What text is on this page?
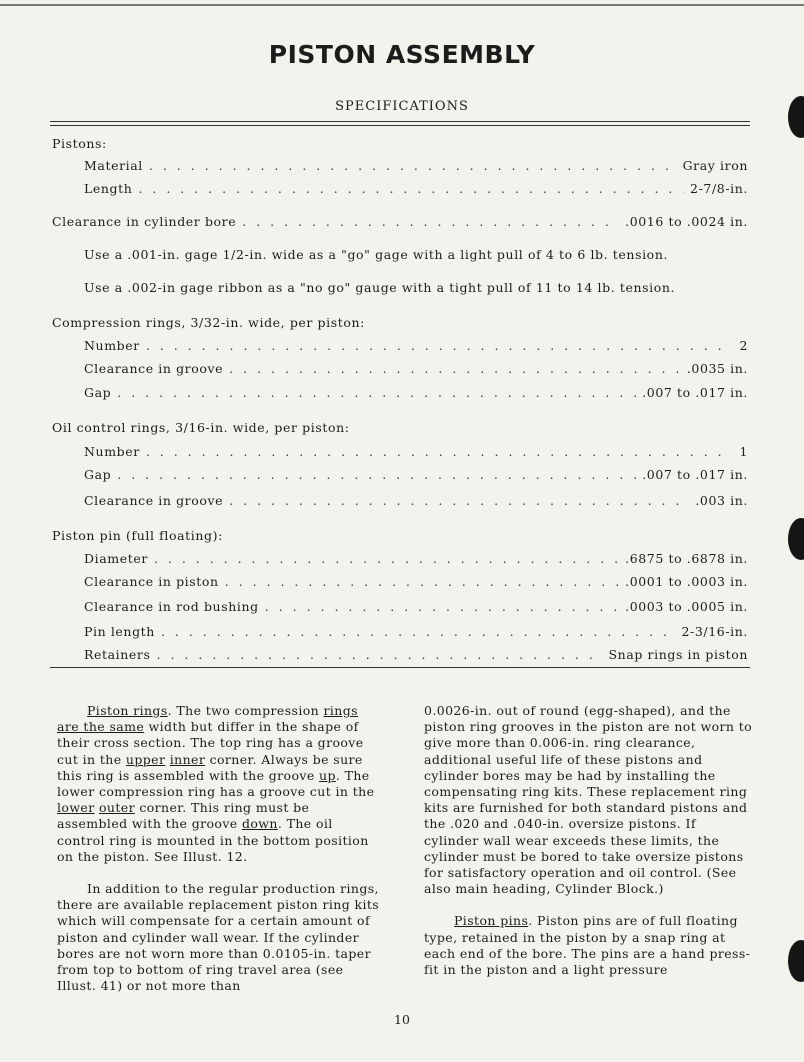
PISTON ASSEMBLY
SPECIFICATIONS
Pistons:
Material . . .	Gray iron
Length . . .	2-7/8-in.
Clearance in cylinder bore . . .	.0016 to .0024 in.
Use a .001-in. gage 1/2-in. wide as a "go" gage with a light pull of 4 to 6 lb. tension.
Use a .002-in gage ribbon as a "no go" gauge with a tight pull of 11 to 14 lb. tension.
Compression rings, 3/32-in. wide, per piston:
Number . . .	2
Clearance in groove . . .	.0035 in.
Gap . . .	.007 to .017 in.
Oil control rings, 3/16-in. wide, per piston:
Number . . .	1
Gap . . .	.007 to .017 in.
Clearance in groove . . .	.003 in.
Piston pin (full floating):
Diameter . . .	.6875 to .6878 in.
Clearance in piston . . .	.0001 to .0003 in.
Clearance in rod bushing . . .	.0003 to .0005 in.
Pin length . . .	2-3/16-in.
Retainers . . .	Snap rings in piston

Piston rings. The two compression rings are the same width but differ in the shape of their cross section. The top ring has a groove cut in the upper inner corner. Always be sure this ring is assembled with the groove up. The lower compression ring has a groove cut in the lower outer corner. This ring must be assembled with the groove down. The oil control ring is mounted in the bottom position on the piston. See Illust. 12.

In addition to the regular production rings, there are available replacement piston ring kits which will compensate for a certain amount of piston and cylinder wall wear. If the cylinder bores are not worn more than 0.0105-in. taper from top to bottom of ring travel area (see Illust. 41) or not more than

0.0026-in. out of round (egg-shaped), and the piston ring grooves in the piston are not worn to give more than 0.006-in. ring clearance, additional useful life of these pistons and cylinder bores may be had by installing the compensating ring kits. These replacement ring kits are furnished for both standard pistons and the .020 and .040-in. oversize pistons. If cylinder wall wear exceeds these limits, the cylinder must be bored to take oversize pistons for satisfactory operation and oil control. (See also main heading, Cylinder Block.)

Piston pins. Piston pins are of full floating type, retained in the piston by a snap ring at each end of the bore. The pins are a hand press-fit in the piston and a light pressure

10
